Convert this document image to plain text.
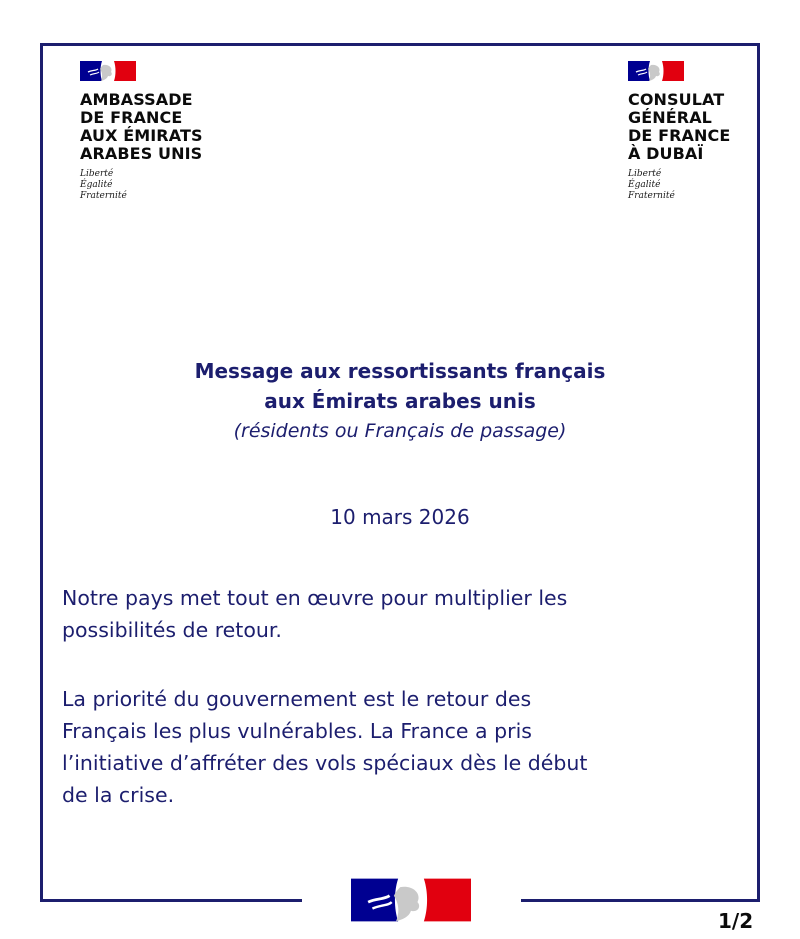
AMBASSADE
DE FRANCE
AUX ÉMIRATS
ARABES UNIS
Liberté
Égalité
Fraternité
CONSULAT
GÉNÉRAL
DE FRANCE
À DUBAÏ
Liberté
Égalité
Fraternité
Message aux ressortissants français
aux Émirats arabes unis
(résidents ou Français de passage)
10 mars 2026
Notre pays met tout en œuvre pour multiplier les
possibilités de retour.
La priorité du gouvernement est le retour des
Français les plus vulnérables. La France a pris
l’initiative d’affréter des vols spéciaux dès le début
de la crise.
1/2
